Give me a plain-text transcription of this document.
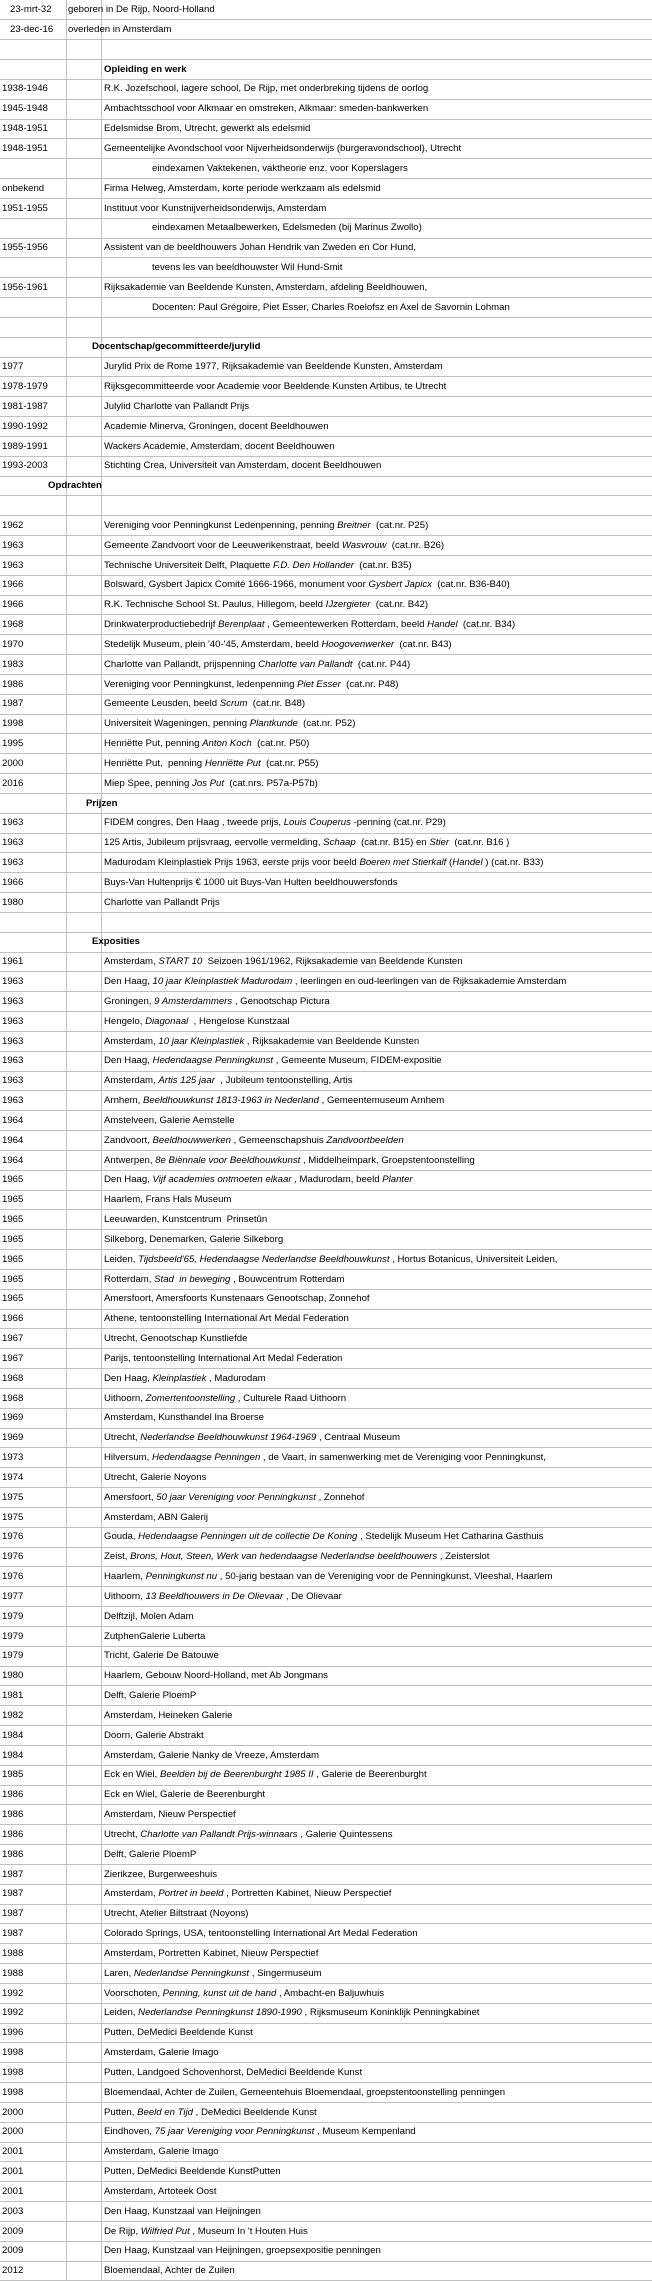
23-mrt-32	geboren in De Rijp, Noord-Holland
23-dec-16	overleden in Amsterdam
Opleiding en werk
1938-1946	R.K. Jozefschool, lagere school, De Rijp, met onderbreking tijdens de oorlog
1945-1948	Ambachtsschool voor Alkmaar en omstreken, Alkmaar: smeden-bankwerken
1948-1951	Edelsmidse Brom, Utrecht, gewerkt als edelsmid
1948-1951	Gemeentelijke Avondschool voor Nijverheidsonderwijs (burgeravondschool), Utrecht
eindexamen Vaktekenen, vaktheorie enz. voor Koperslagers
onbekend	Firma Helweg, Amsterdam, korte periode werkzaam als edelsmid
1951-1955	Instituut voor Kunstnijverheidsonderwijs, Amsterdam
eindexamen Metaalbewerken, Edelsmeden (bij Marinus Zwollo)
1955-1956	Assistent van de beeldhouwers Johan Hendrik van Zweden en Cor Hund,
tevens les van beeldhouwster Wil Hund-Smit
1956-1961	Rijksakademie van Beeldende Kunsten, Amsterdam, afdeling Beeldhouwen,
Docenten: Paul Grégoire, Piet Esser, Charles Roelofsz en Axel de Savornin Lohman
Docentschap/gecommitteerde/jurylid
1977	Jurylid Prix de Rome 1977, Rijksakademie van Beeldende Kunsten, Amsterdam
1978-1979	Rijksgecommitteerde voor Academie voor Beeldende Kunsten Artibus, te Utrecht
1981-1987	Julylid Charlotte van Pallandt Prijs
1990-1992	Academie Minerva, Groningen, docent Beeldhouwen
1989-1991	Wackers Academie, Amsterdam, docent Beeldhouwen
1993-2003	Stichting Crea, Universiteit van Amsterdam, docent Beeldhouwen
Opdrachten
1962	Vereniging voor Penningkunst Ledenpenning, penning Breitner  (cat.nr. P25)
1963	Gemeente Zandvoort voor de Leeuwerikenstraat, beeld Wasvrouw  (cat.nr. B26)
1963	Technische Universiteit Delft, Plaquette F.D. Den Hollander  (cat.nr. B35)
1966	Bolsward, Gysbert Japicx Comité 1666-1966, monument voor Gysbert Japicx  (cat.nr. B36-B40)
1966	R.K. Technische School St. Paulus, Hillegom, beeld IJzergieter  (cat.nr. B42)
1968	Drinkwaterproductiebedrijf Berenplaat , Gemeentewerken Rotterdam, beeld Handel  (cat.nr. B34)
1970	Stedelijk Museum, plein '40-'45, Amsterdam, beeld Hoogovenwerker  (cat.nr. B43)
1983	Charlotte van Pallandt, prijspenning Charlotte van Pallandt  (cat.nr. P44)
1986	Vereniging voor Penningkunst, ledenpenning Piet Esser  (cat.nr. P48)
1987	Gemeente Leusden, beeld Scrum  (cat.nr. B48)
1998	Universiteit Wageningen, penning Plantkunde  (cat.nr. P52)
1995	Henriëtte Put, penning Anton Koch  (cat.nr. P50)
2000	Henriëtte Put,  penning Henriëtte Put  (cat.nr. P55)
2016	Miep Spee, penning Jos Put  (cat.nrs. P57a-P57b)
Prijzen
1963	FIDEM congres, Den Haag , tweede prijs, Louis Couperus -penning (cat.nr. P29)
1963	125 Artis, Jubileum prijsvraag, eervolle vermelding, Schaap  (cat.nr. B15) en Stier  (cat.nr. B16 )
1963	Madurodam Kleinplastiek Prijs 1963, eerste prijs voor beeld Boeren met Stierkalf (Handel ) (cat.nr. B33)
1966	Buys-Van Hultenprijs € 1000 uit Buys-Van Hulten beeldhouwersfonds
1980	Charlotte van Pallandt Prijs
Exposities
1961	Amsterdam, START 10  Seizoen 1961/1962, Rijksakademie van Beeldende Kunsten
1963	Den Haag, 10 jaar Kleinplastiek Madurodam , leerlingen en oud-leerlingen van de Rijksakademie Amsterdam
1963	Groningen, 9 Amsterdammers , Genootschap Pictura
1963	Hengelo, Diagonaal  , Hengelose Kunstzaal
1963	Amsterdam, 10 jaar Kleinplastiek , Rijksakademie van Beeldende Kunsten
1963	Den Haag, Hedendaagse Penningkunst , Gemeente Museum, FIDEM-expositie
1963	Amsterdam, Artis 125 jaar  , Jubileum tentoonstelling, Artis
1963	Arnhem, Beeldhouwkunst 1813-1963 in Nederland , Gemeentemuseum Arnhem
1964	Amstelveen, Galerie Aemstelle
1964	Zandvoort, Beeldhouwwerken , Gemeenschapshuis Zandvoortbeelden
1964	Antwerpen, 8e Biënnale voor Beeldhouwkunst , Middelheimpark, Groepstentoonstelling
1965	Den Haag, Vijf academies ontmoeten elkaar , Madurodam, beeld Planter
1965	Haarlem, Frans Hals Museum
1965	Leeuwarden, Kunstcentrum  Prinsetûn
1965	Silkeborg, Denemarken, Galerie Silkeborg
1965	Leiden, Tijdsbeeld'65, Hedendaagse Nederlandse Beeldhouwkunst , Hortus Botanicus, Universiteit Leiden,
1965	Rotterdam, Stad  in beweging , Bouwcentrum Rotterdam
1965	Amersfoort, Amersfoorts Kunstenaars Genootschap, Zonnehof
1966	Athene, tentoonstelling International Art Medal Federation
1967	Utrecht, Genootschap Kunstliefde
1967	Parijs, tentoonstelling International Art Medal Federation
1968	Den Haag, Kleinplastiek , Madurodam
1968	Uithoorn, Zomertentoonstelling , Culturele Raad Uithoorn
1969	Amsterdam, Kunsthandel Ina Broerse
1969	Utrecht, Nederlandse Beeldhouwkunst 1964-1969 , Centraal Museum
1973	Hilversum, Hedendaagse Penningen , de Vaart, in samenwerking met de Vereniging voor Penningkunst,
1974	Utrecht, Galerie Noyons
1975	Amersfoort, 50 jaar Vereniging voor Penningkunst , Zonnehof
1975	Amsterdam, ABN Galerij
1976	Gouda, Hedendaagse Penningen uit de collectie De Koning , Stedelijk Museum Het Catharina Gasthuis
1976	Zeist, Brons, Hout, Steen, Werk van hedendaagse Nederlandse beeldhouwers , Zeisterslot
1976	Haarlem, Penningkunst nu , 50-jarig bestaan van de Vereniging voor de Penningkunst, Vleeshal, Haarlem
1977	Uithoorn, 13 Beeldhouwers in De Olievaar , De Olievaar
1979	Delftzijl, Molen Adam
1979	ZutphenGalerie Luberta
1979	Tricht, Galerie De Batouwe
1980	Haarlem, Gebouw Noord-Holland, met Ab Jongmans
1981	Delft, Galerie PloemP
1982	Amsterdam, Heineken Galerie
1984	Doorn, Galerie Abstrakt
1984	Amsterdam, Galerie Nanky de Vreeze, Amsterdam
1985	Eck en Wiel, Beelden bij de Beerenburght 1985 II , Galerie de Beerenburght
1986	Eck en Wiel, Galerie de Beerenburght
1986	Amsterdam, Nieuw Perspectief
1986	Utrecht, Charlotte van Pallandt Prijs-winnaars , Galerie Quintessens
1986	Delft, Galerie PloemP
1987	Zierikzee, Burgerweeshuis
1987	Amsterdam, Portret in beeld , Portretten Kabinet, Nieuw Perspectief
1987	Utrecht, Atelier Biltstraat (Noyons)
1987	Colorado Springs, USA, tentoonstelling International Art Medal Federation
1988	Amsterdam, Portretten Kabinet, Nieuw Perspectief
1988	Laren, Nederlandse Penningkunst , Singermuseum
1992	Voorschoten, Penning, kunst uit de hand , Ambacht-en Baljuwhuis
1992	Leiden, Nederlandse Penningkunst 1890-1990 , Rijksmuseum Koninklijk Penningkabinet
1996	Putten, DeMedici Beeldende Kunst
1998	Amsterdam, Galerie Imago
1998	Putten, Landgoed Schovenhorst, DeMedici Beeldende Kunst
1998	Bloemendaal, Achter de Zuilen, Gemeentehuis Bloemendaal, groepstentoonstelling penningen
2000	Putten, Beeld en Tijd , DeMedici Beeldende Kunst
2000	Eindhoven, 75 jaar Vereniging voor Penningkunst , Museum Kempenland
2001	Amsterdam, Galerie Imago
2001	Putten, DeMedici Beeldende KunstPutten
2001	Amsterdam, Artoteek Oost
2003	Den Haag, Kunstzaal van Heijningen
2009	De Rijp, Wilfried Put , Museum In 't Houten Huis
2009	Den Haag, Kunstzaal van Heijningen, groepsexpositie penningen
2012	Bloemendaal, Achter de Zuilen
